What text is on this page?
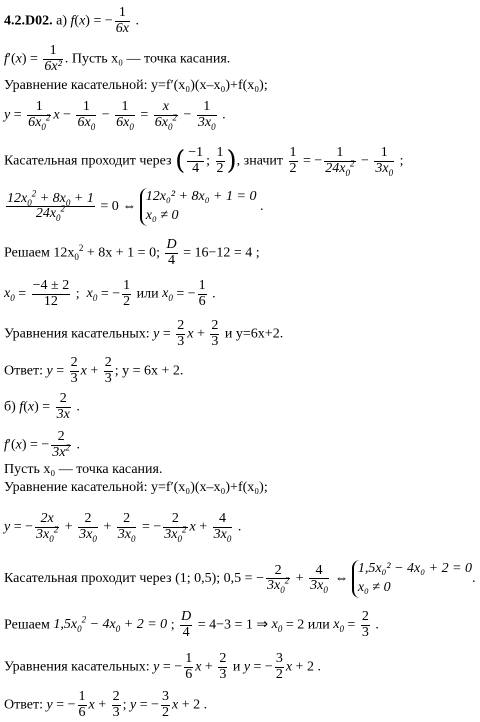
4.2.D02. а) f(x) = − $\frac{1}{6x}$ .
$f'(x) = \frac{1}{\text{6x²}}$ . Пусть x₀ — точка касания.
Уравнение касательной: y=f′(x₀)(x–x₀)+f(x₀);
$y = \frac{1}{6x_0^2}$ $x - \frac{1}{6x_0} - \frac{1}{6x_0} = \frac{x}{6x_0^2} - \frac{1}{3x_0}$ .
Касательная проходит через ( $\frac{-1}{4}$ ; $\frac{1}{2}$ ), значит $\frac{1}{2}$ = − $\frac{1}{24x_0^2} - \frac{1}{3x_0}$ ;
$\frac{12x_0^2 + 8x_0 + 1}{24x_0^2} = 0$ ⇔ 12x₀² + 8x₀ + 1 = 0
x₀ ≠ 0 .
Решаем $12x_0^2 + 8x + 1 = 0$; $\frac{D}{4} = 16-12 = 4$ ;
$x_0 = \frac{-4 \pm 2}{12}$ ;  $x_0$ = − $\frac{1}{2}$ или $x_0$ = − $\frac{1}{6}$ .
Уравнения касательных: $y = \frac{2}{3}$ $x + \frac{2}{3}$ и y=6x+2.
Ответ: $y = \frac{2}{3}$ $x + \frac{2}{3}$ ; y = 6x + 2.
б) $f(x) = \frac{2}{3x}$ .
f′(x) = − $\frac{2}{3x^2}$ .
Пусть x₀ — точка касания.
Уравнение касательной: y=f′(x₀)(x–x₀)+f(x₀);
y = − $\frac{2x}{3x_0^2} + \frac{2}{3x_0} + \frac{2}{3x_0}$ = − $\frac{2}{3x_0^2}$ $x + \frac{4}{3x_0}$ .
Касательная проходит через (1; 0,5); 0,5 = − $\frac{2}{3x_0^2} + \frac{4}{3x_0}$ ⇔ 1,5x₀² − 4x₀ + 2 = 0
x₀ ≠ 0.
Решаем $1,5x_0^2 - 4x_0 + 2 = 0$ ; $\frac{D}{4} = 4-3 = 1$ ⇒ $x_0 = 2$ или $x_0 = \frac{2}{3}$ .
Уравнения касательных: y = − $\frac{1}{6}$ $x + \frac{2}{3}$ и y = − $\frac{3}{2}$ x + 2 .
Ответ: y = − $\frac{1}{6}$ $x + \frac{2}{3}$ ; y = − $\frac{3}{2}$ x + 2 .
